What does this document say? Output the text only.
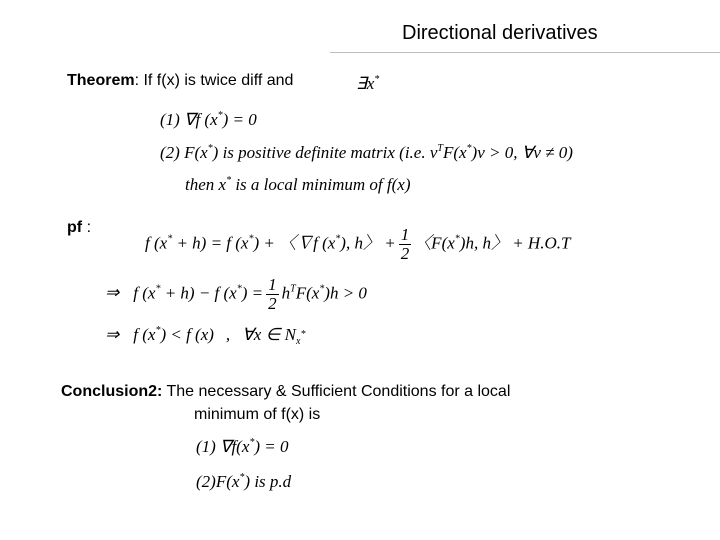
Directional derivatives
Theorem: If f(x) is twice diff and	∃x*
(1) ∇f (x*) = 0
(2) F(x*) is positive definite matrix (i.e. $v^TF(x^*)v > 0$, ∀v ≠ 0)
then x* is a local minimum of f(x)
pf :
f (x* + h) = f (x*) + 〈∇f (x*), h〉 + $\frac{1}{2}$ 〈F(x*)h, h〉 + H.O.T
⇒ f (x* + h) − f $(x^*) = \frac{1}{2} h^TF(x^*)h > 0$
⇒ f (x*) < f (x) , ∀x ∈ $N_{x^*}$
Conclusion2: The necessary & Sufficient Conditions for a local
minimum of f(x) is
(1) ∇f(x*) = 0
(2)F(x*) is p.d
